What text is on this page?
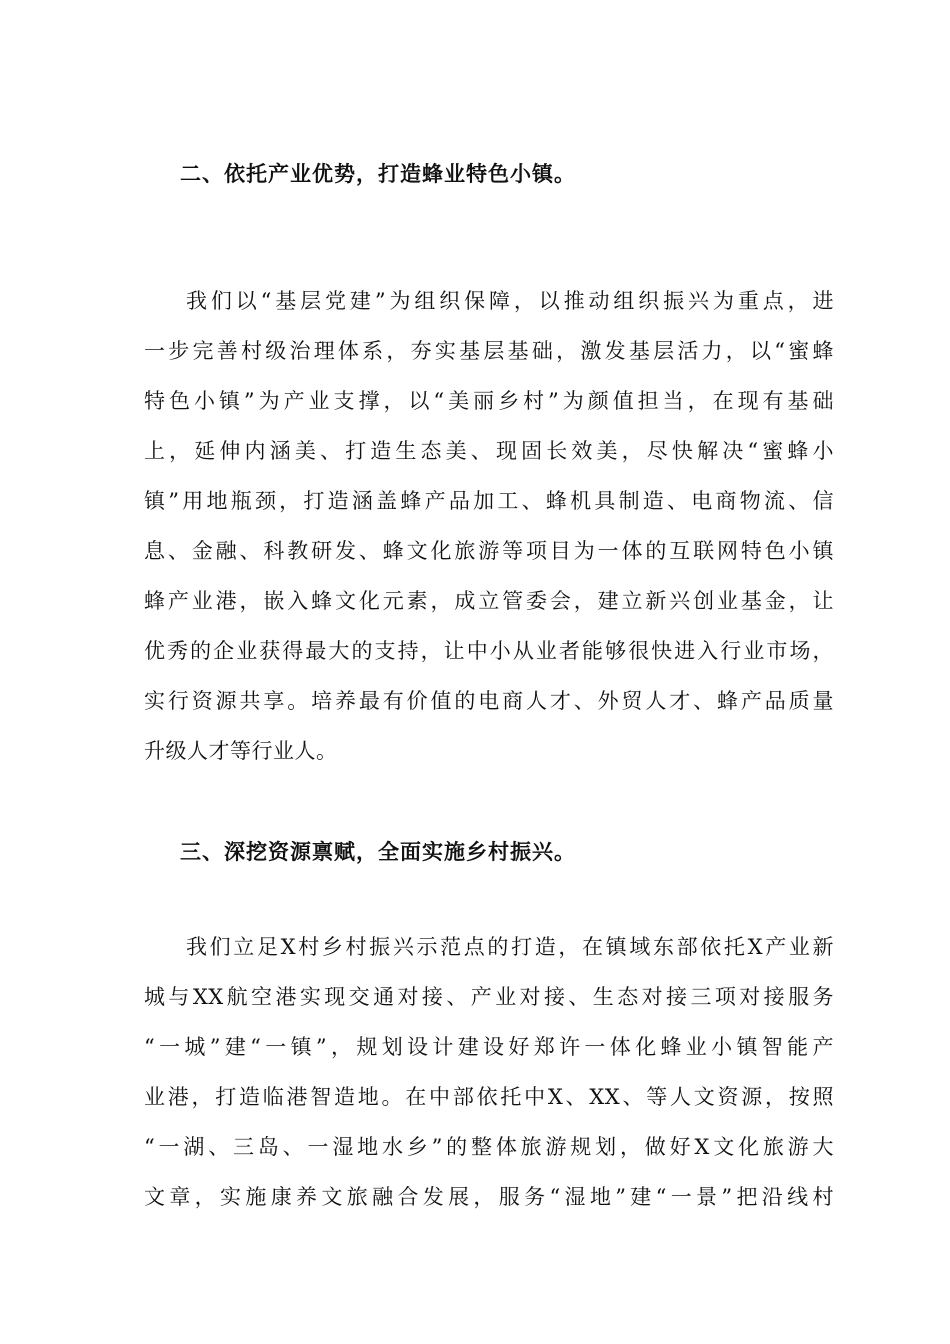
二、依托产业优势，打造蜂业特色小镇。
我们以“基层党建”为组织保障，以推动组织振兴为重点，进
一步完善村级治理体系，夯实基层基础，激发基层活力，以“蜜蜂
特色小镇”为产业支撑，以“美丽乡村”为颜值担当，在现有基础
上，延伸内涵美、打造生态美、现固长效美，尽快解决“蜜蜂小
镇”用地瓶颈，打造涵盖蜂产品加工、蜂机具制造、电商物流、信
息、金融、科教研发、蜂文化旅游等项目为一体的互联网特色小镇
蜂产业港，嵌入蜂文化元素，成立管委会，建立新兴创业基金，让
优秀的企业获得最大的支持，让中小从业者能够很快进入行业市场，
实行资源共享。培养最有价值的电商人才、外贸人才、蜂产品质量
升级人才等行业人。
三、深挖资源禀赋，全面实施乡村振兴。
我们立足X村乡村振兴示范点的打造，在镇域东部依托X产业新
城与XX航空港实现交通对接、产业对接、生态对接三项对接服务
“一城”建“一镇”，规划设计建设好郑许一体化蜂业小镇智能产
业港，打造临港智造地。在中部依托中X、XX、等人文资源，按照
“一湖、三岛、一湿地水乡”的整体旅游规划，做好X文化旅游大
文章，实施康养文旅融合发展，服务“湿地”建“一景”把沿线村
